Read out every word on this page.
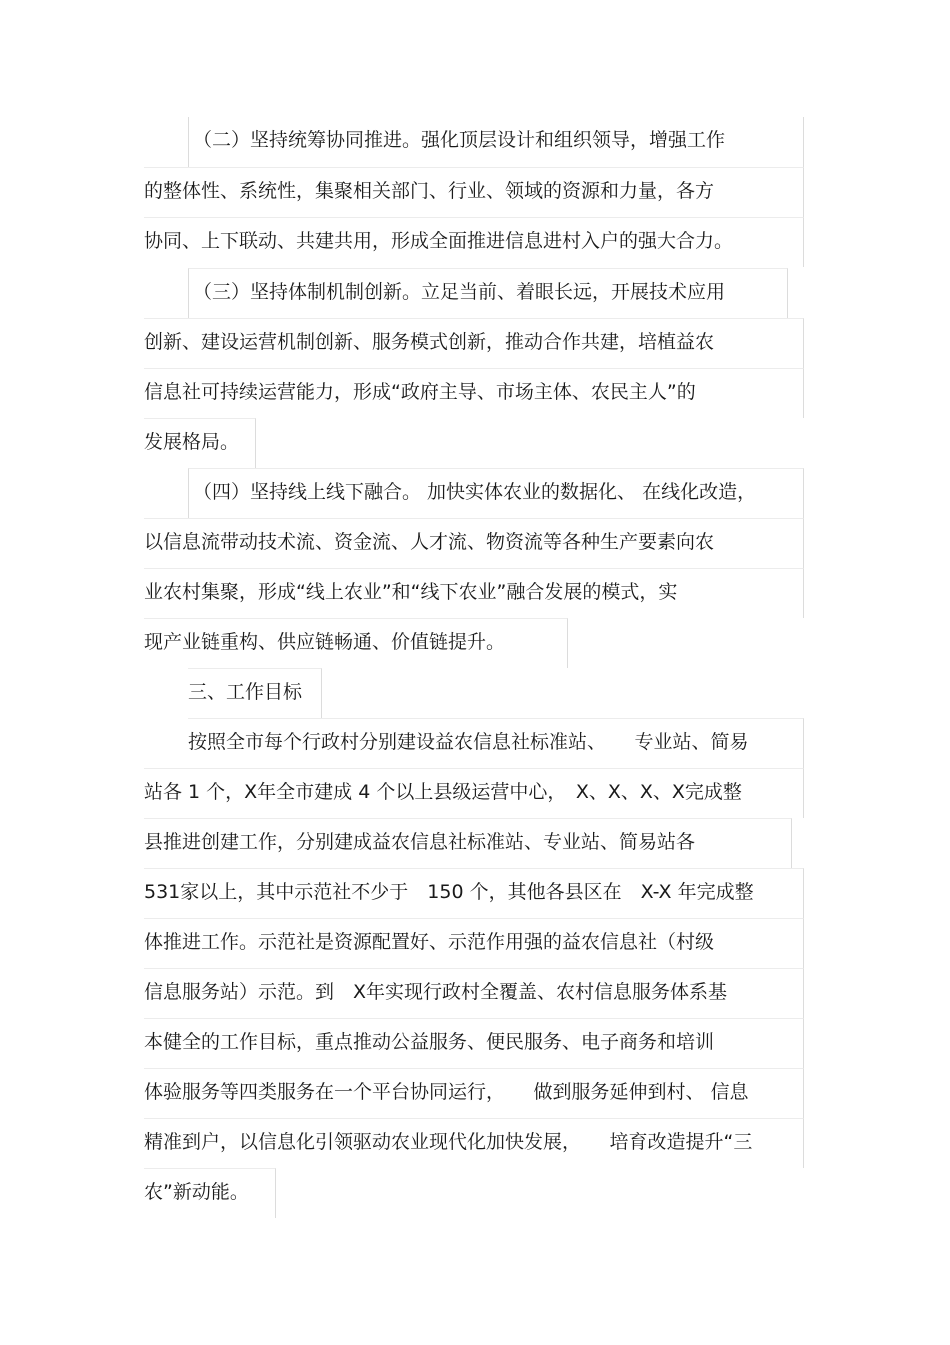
（二）坚持统筹协同推进。强化顶层设计和组织领导，增强工作
的整体性、系统性，集聚相关部门、行业、领域的资源和力量，各方
协同、上下联动、共建共用，形成全面推进信息进村入户的强大合力。
（三）坚持体制机制创新。立足当前、着眼长远，开展技术应用
创新、建设运营机制创新、服务模式创新，推动合作共建，培植益农
信息社可持续运营能力，形成“政府主导、市场主体、农民主人”的
发展格局。
（四）坚持线上线下融合。 加快实体农业的数据化、 在线化改造，
以信息流带动技术流、资金流、人才流、物资流等各种生产要素向农
业农村集聚，形成“线上农业”和“线下农业”融合发展的模式，实
现产业链重构、供应链畅通、价值链提升。
三、工作目标
按照全市每个行政村分别建设益农信息社标准站、　　专业站、简易
站各 1 个，X年全市建成 4 个以上县级运营中心，　X、X、X、X完成整
县推进创建工作，分别建成益农信息社标准站、专业站、简易站各
531家以上，其中示范社不少于　150 个，其他各县区在　X-X 年完成整
体推进工作。示范社是资源配置好、示范作用强的益农信息社（村级
信息服务站）示范。到　X年实现行政村全覆盖、农村信息服务体系基
本健全的工作目标，重点推动公益服务、便民服务、电子商务和培训
体验服务等四类服务在一个平台协同运行，　　做到服务延伸到村、 信息
精准到户，以信息化引领驱动农业现代化加快发展，　　培育改造提升“三
农”新动能。
